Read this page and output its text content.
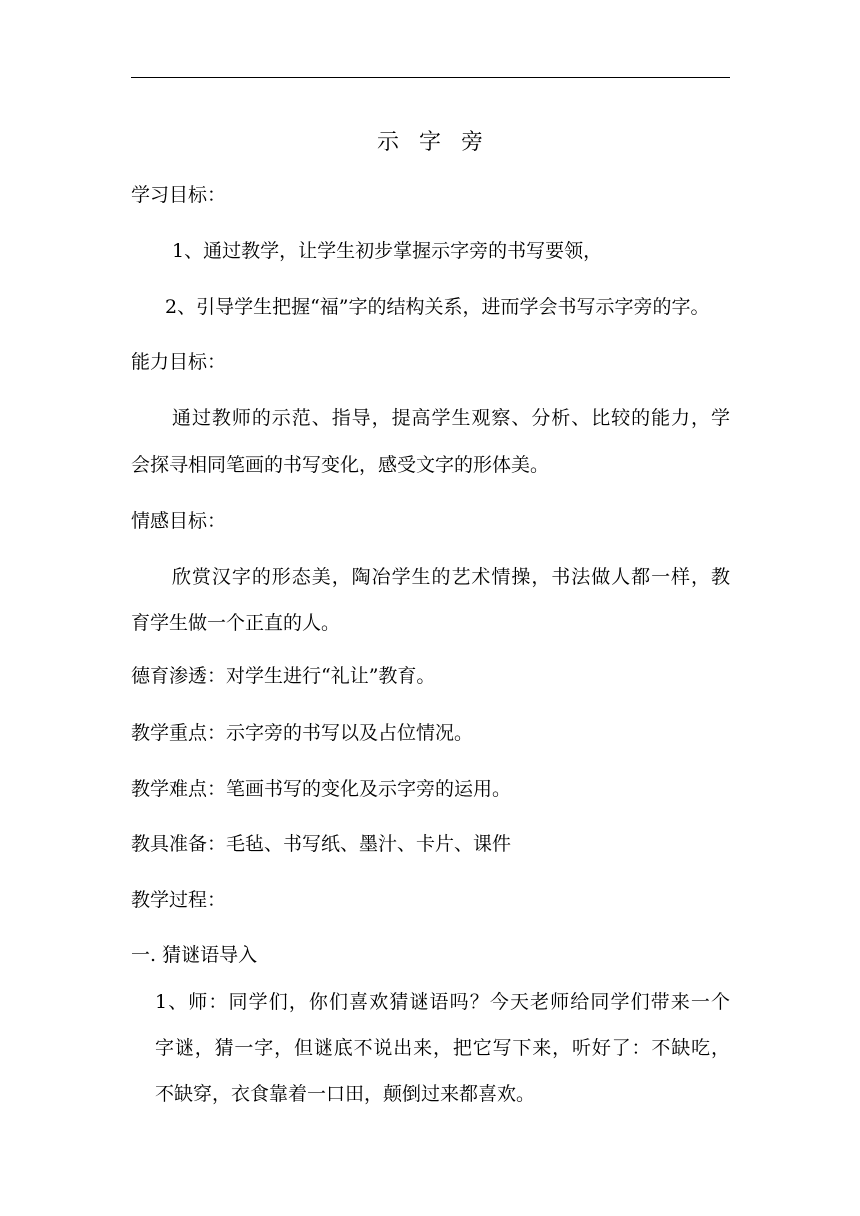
示字旁
学习目标：
1、通过教学，让学生初步掌握示字旁的书写要领，
2、引导学生把握“福”字的结构关系，进而学会书写示字旁的字。
能力目标：
通过教师的示范、指导，提高学生观察、分析、比较的能力，学
会探寻相同笔画的书写变化，感受文字的形体美。
情感目标：
欣赏汉字的形态美，陶冶学生的艺术情操，书法做人都一样，教
育学生做一个正直的人。
德育渗透：对学生进行“礼让”教育。
教学重点：示字旁的书写以及占位情况。
教学难点：笔画书写的变化及示字旁的运用。
教具准备：毛毡、书写纸、墨汁、卡片、课件
教学过程：
一. 猜谜语导入
1、师：同学们，你们喜欢猜谜语吗？今天老师给同学们带来一个
字谜，猜一字，但谜底不说出来，把它写下来，听好了：不缺吃，
不缺穿，衣食靠着一口田，颠倒过来都喜欢。
